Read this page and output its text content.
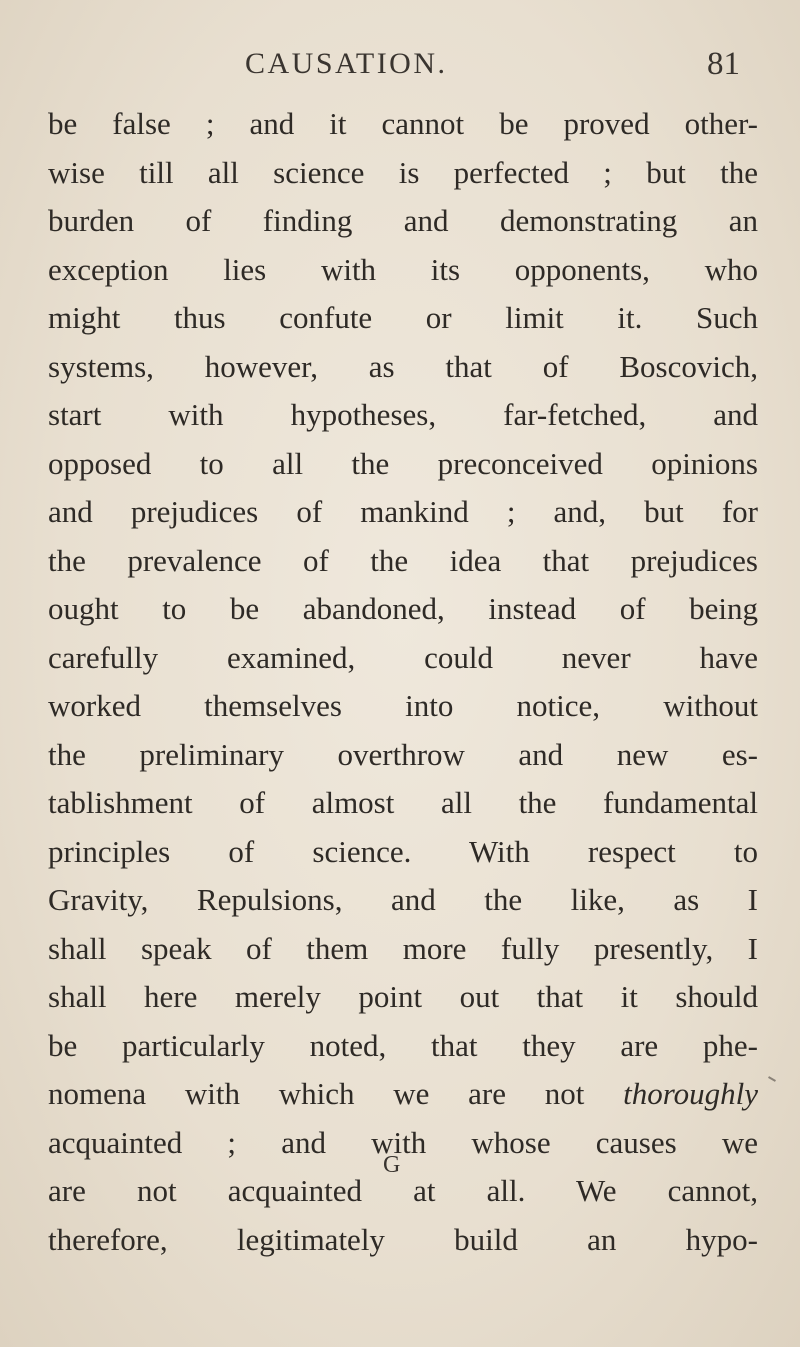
CAUSATION.	81
be false ; and it cannot be proved other-
wise till all science is perfected ; but the
burden of finding and demonstrating an
exception lies with its opponents, who
might thus confute or limit it. Such
systems, however, as that of Boscovich,
start with hypotheses, far-fetched, and
opposed to all the preconceived opinions
and prejudices of mankind ; and, but for
the prevalence of the idea that prejudices
ought to be abandoned, instead of being
carefully examined, could never have
worked themselves into notice, without
the preliminary overthrow and new es-
tablishment of almost all the fundamental
principles of science. With respect to
Gravity, Repulsions, and the like, as I
shall speak of them more fully presently, I
shall here merely point out that it should
be particularly noted, that they are phe-
nomena with which we are not thoroughly
acquainted ; and with whose causes we
are not acquainted at all. We cannot,
therefore, legitimately build an hypo-
G
